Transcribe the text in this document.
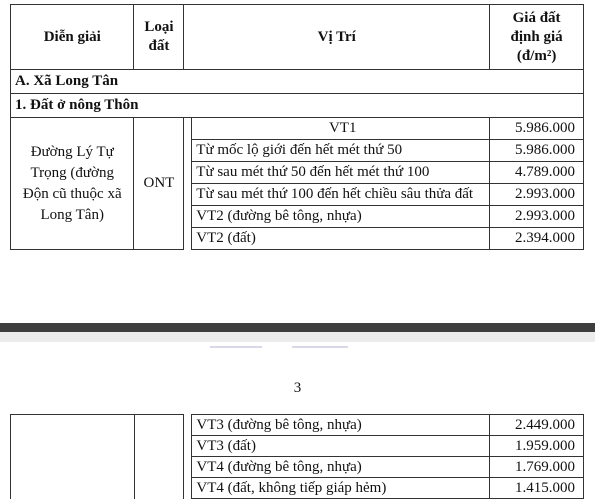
Diễn giải	Loại
đất	Vị Trí		Giá đất
định giá
(đ/m²)
A. Xã Long Tân				
1. Đất ở nông Thôn				
Đường Lý Tự
Trọng (đường
Độn cũ thuộc xã
Long Tân)	ONT		VT1	5.986.000
			Từ mốc lộ giới đến hết mét thứ 50	5.986.000
			Từ sau mét thứ 50 đến hết mét thứ 100	4.789.000
			Từ sau mét thứ 100 đến hết chiều sâu thửa đất	2.993.000
			VT2 (đường bê tông, nhựa)	2.993.000
			VT2 (đất)	2.394.000
3
			VT3 (đường bê tông, nhựa)	2.449.000
			VT3 (đất)	1.959.000
			VT4 (đường bê tông, nhựa)	1.769.000
			VT4 (đất, không tiếp giáp hẻm)	1.415.000
